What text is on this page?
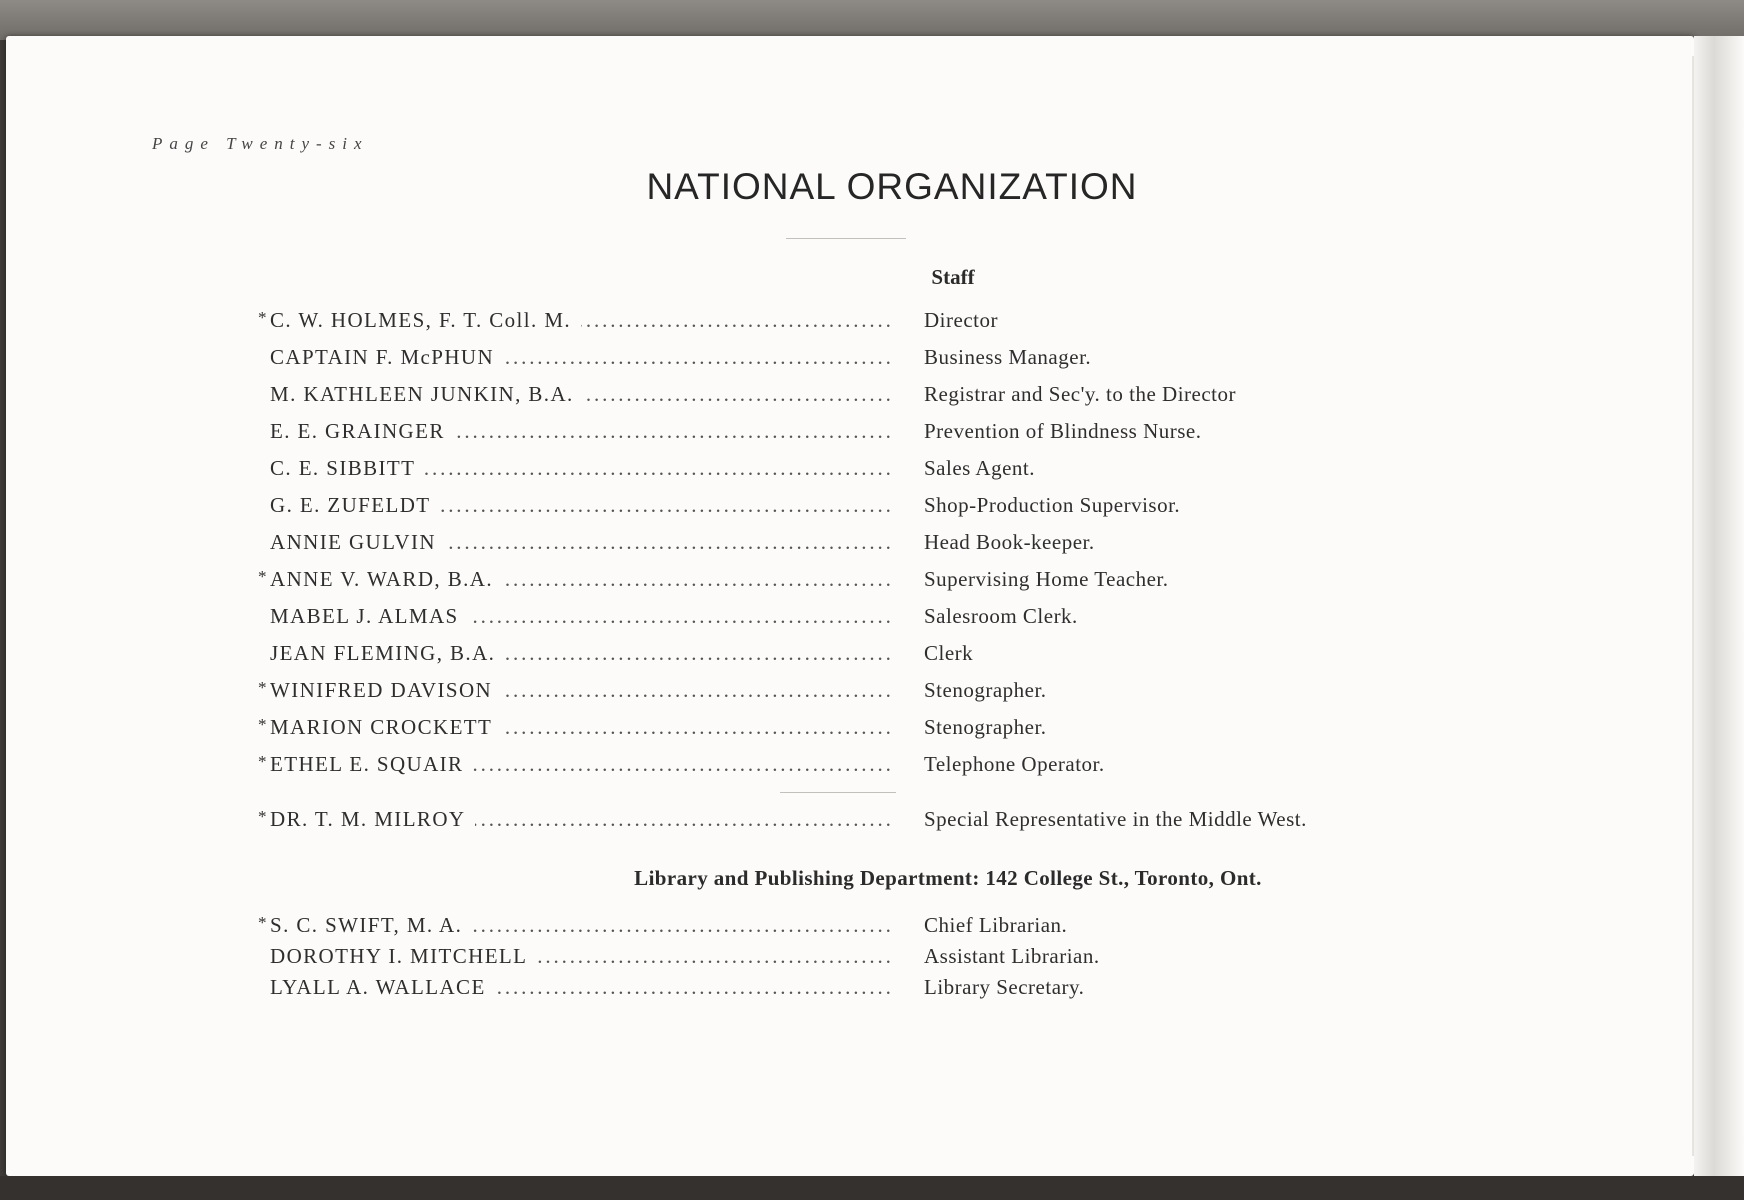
Page Twenty-six
NATIONAL ORGANIZATION
Staff
* C. W. HOLMES, F. T. Coll. M. . . .	Director
CAPTAIN F. McPHUN . . .	Business Manager.
M. KATHLEEN JUNKIN, B.A. . . .	Registrar and Sec'y. to the Director
E. E. GRAINGER . . .	Prevention of Blindness Nurse.
C. E. SIBBITT . . .	Sales Agent.
G. E. ZUFELDT . . .	Shop-Production Supervisor.
ANNIE GULVIN . . .	Head Book-keeper.
* ANNE V. WARD, B.A. . . .	Supervising Home Teacher.
MABEL J. ALMAS . . .	Salesroom Clerk.
JEAN FLEMING, B.A. . . .	Clerk
* WINIFRED DAVISON . . .	Stenographer.
* MARION CROCKETT . . .	Stenographer.
* ETHEL E. SQUAIR . . .	Telephone Operator.
* DR. T. M. MILROY . . .	Special Representative in the Middle West.
Library and Publishing Department: 142 College St., Toronto, Ont.
* S. C. SWIFT, M. A. . . .	Chief Librarian.
DOROTHY I. MITCHELL . . .	Assistant Librarian.
LYALL A. WALLACE . . .	Library Secretary.
